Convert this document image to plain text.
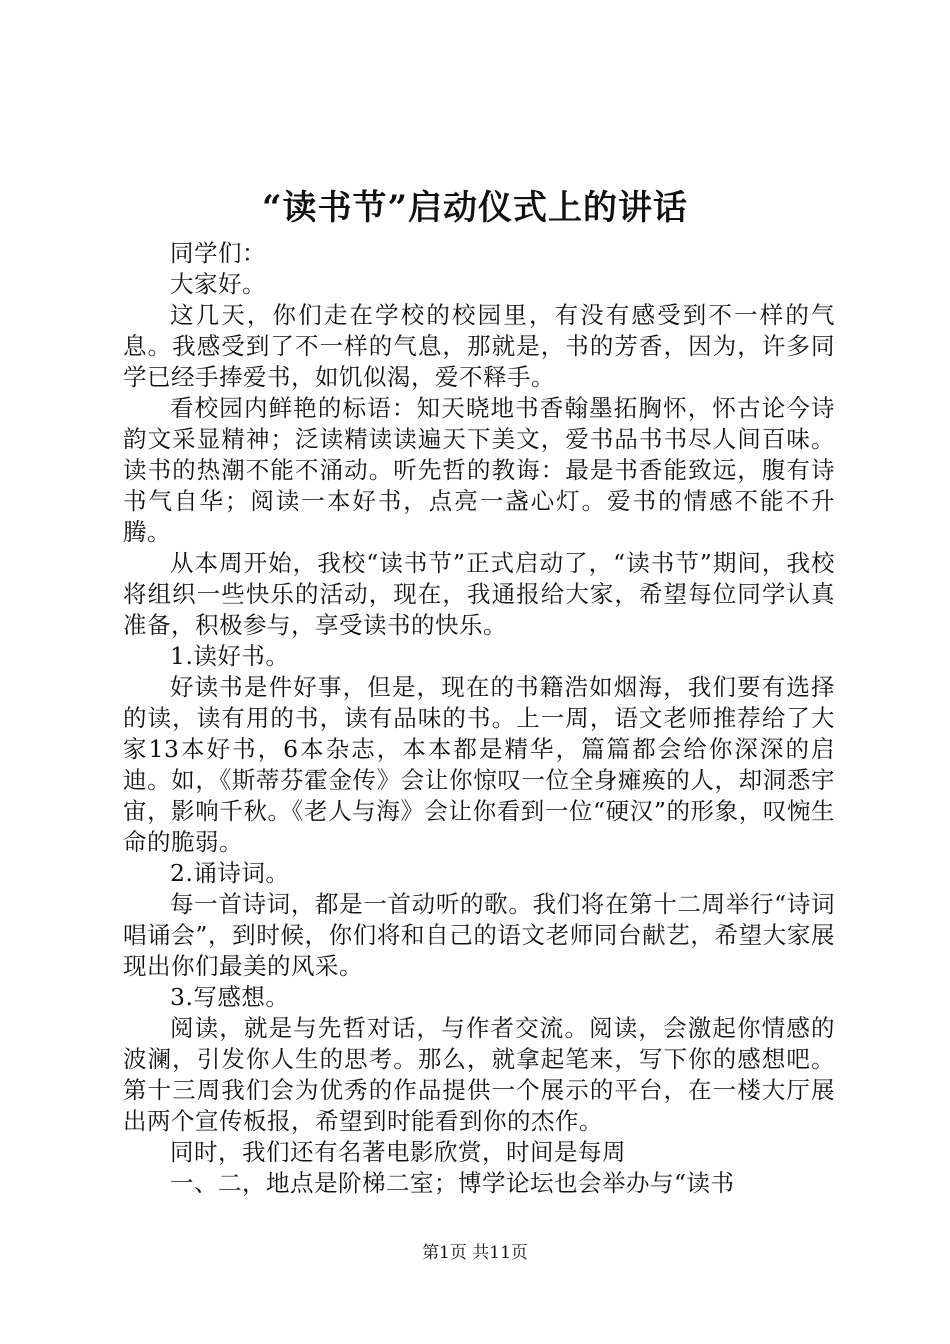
“读书节”启动仪式上的讲话

同学们：

大家好。

这几天，你们走在学校的校园里，有没有感受到不一样的气息。我感受到了不一样的气息，那就是，书的芳香，因为，许多同学已经手捧爱书，如饥似渴，爱不释手。

看校园内鲜艳的标语：知天晓地书香翰墨拓胸怀，怀古论今诗韵文采显精神；泛读精读读遍天下美文，爱书品书书尽人间百味。读书的热潮不能不涌动。听先哲的教诲：最是书香能致远，腹有诗书气自华；阅读一本好书，点亮一盏心灯。爱书的情感不能不升腾。

从本周开始，我校“读书节”正式启动了，“读书节”期间，我校将组织一些快乐的活动，现在，我通报给大家，希望每位同学认真准备，积极参与，享受读书的快乐。

1.读好书。

好读书是件好事，但是，现在的书籍浩如烟海，我们要有选择的读，读有用的书，读有品味的书。上一周，语文老师推荐给了大家13本好书，6本杂志，本本都是精华，篇篇都会给你深深的启迪。如，《斯蒂芬霍金传》会让你惊叹一位全身瘫痪的人，却洞悉宇宙，影响千秋。《老人与海》会让你看到一位“硬汉”的形象，叹惋生命的脆弱。

2.诵诗词。

每一首诗词，都是一首动听的歌。我们将在第十二周举行“诗词唱诵会”，到时候，你们将和自己的语文老师同台献艺，希望大家展现出你们最美的风采。

3.写感想。

阅读，就是与先哲对话，与作者交流。阅读，会激起你情感的波澜，引发你人生的思考。那么，就拿起笔来，写下你的感想吧。第十三周我们会为优秀的作品提供一个展示的平台，在一楼大厅展出两个宣传板报，希望到时能看到你的杰作。

同时，我们还有名著电影欣赏，时间是每周

一、二，地点是阶梯二室；博学论坛也会举办与“读书

第1页 共11页
